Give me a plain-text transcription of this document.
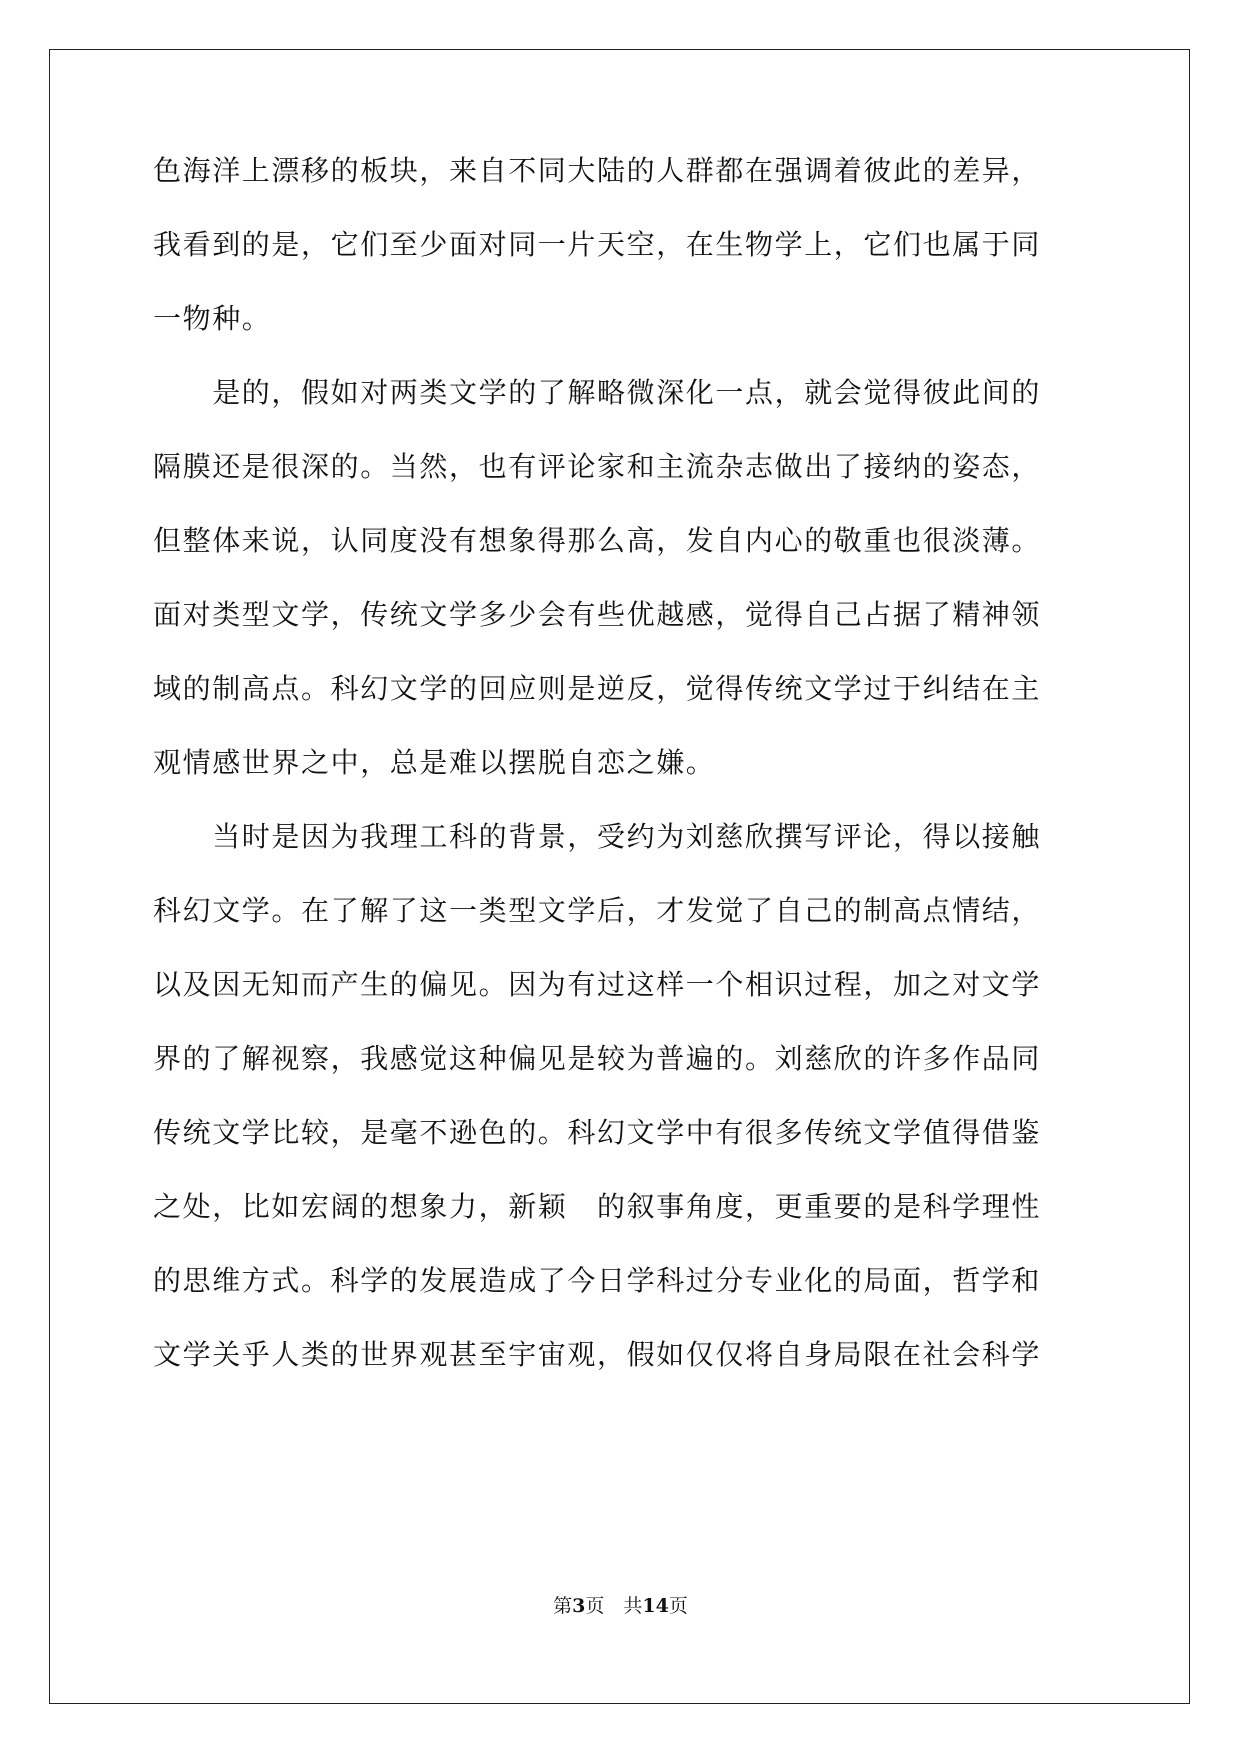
色海洋上漂移的板块，来自不同大陆的人群都在强调着彼此的差异，
我看到的是，它们至少面对同一片天空，在生物学上，它们也属于同
一物种。
　　是的，假如对两类文学的了解略微深化一点，就会觉得彼此间的
隔膜还是很深的。当然，也有评论家和主流杂志做出了接纳的姿态，
但整体来说，认同度没有想象得那么高，发自内心的敬重也很淡薄。
面对类型文学，传统文学多少会有些优越感，觉得自己占据了精神领
域的制高点。科幻文学的回应则是逆反，觉得传统文学过于纠结在主
观情感世界之中，总是难以摆脱自恋之嫌。
　　当时是因为我理工科的背景，受约为刘慈欣撰写评论，得以接触
科幻文学。在了解了这一类型文学后，才发觉了自己的制高点情结，
以及因无知而产生的偏见。因为有过这样一个相识过程，加之对文学
界的了解视察，我感觉这种偏见是较为普遍的。刘慈欣的许多作品同
传统文学比较，是毫不逊色的。科幻文学中有很多传统文学值得借鉴
之处，比如宏阔的想象力，新颖　的叙事角度，更重要的是科学理性
的思维方式。科学的发展造成了今日学科过分专业化的局面，哲学和
文学关乎人类的世界观甚至宇宙观，假如仅仅将自身局限在社会科学
第3页　共14页
